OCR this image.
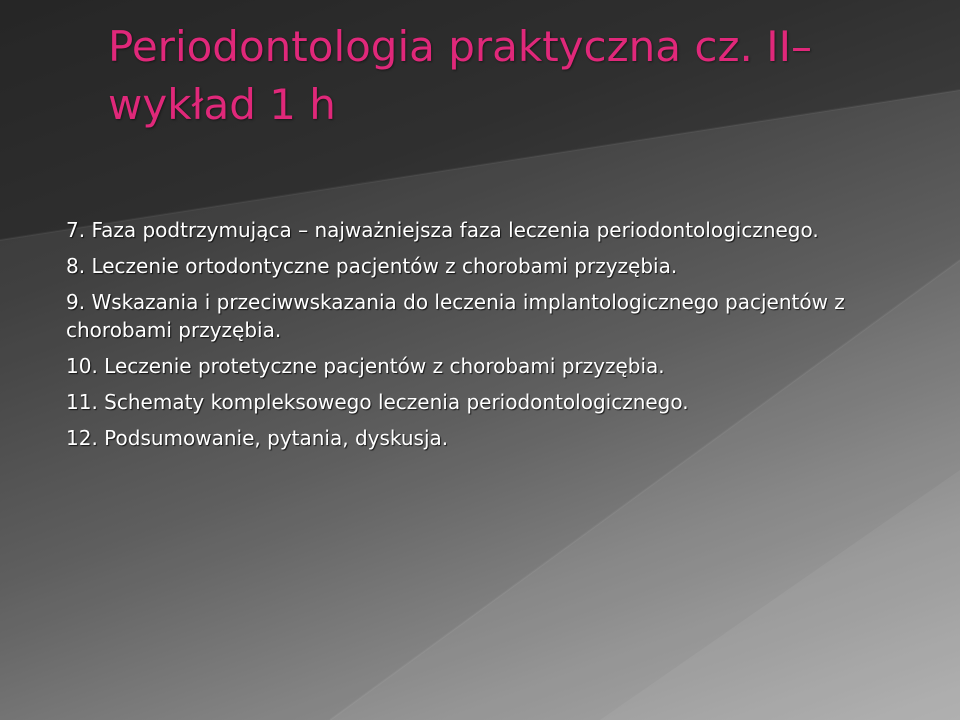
Periodontologia praktyczna cz. II– wykład 1 h
7. Faza podtrzymująca – najważniejsza faza leczenia periodontologicznego.
8. Leczenie ortodontyczne pacjentów z chorobami przyzębia.
9. Wskazania i przeciwwskazania do leczenia implantologicznego pacjentów z chorobami przyzębia.
10. Leczenie protetyczne pacjentów z chorobami przyzębia.
11. Schematy kompleksowego leczenia periodontologicznego.
12. Podsumowanie, pytania, dyskusja.
